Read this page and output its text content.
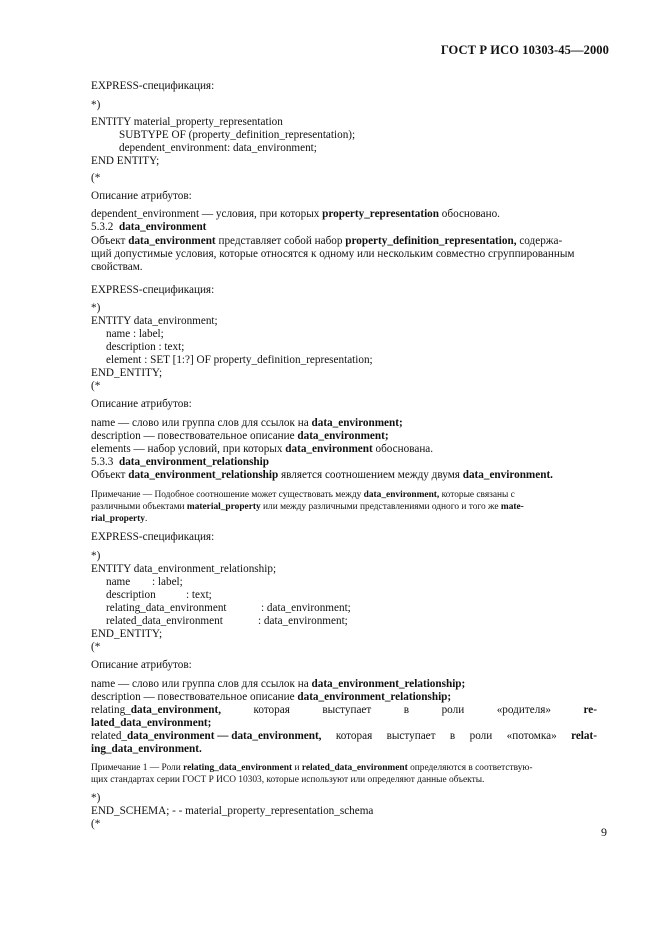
ГОСТ Р ИСО 10303-45—2000
EXPRESS-спецификация:
*)
ENTITY material_property_representation
SUBTYPE OF (property_definition_representation);
dependent_environment: data_environment;
END ENTITY;
(*
Описание атрибутов:
dependent_environment — условия, при которых property_representation обосновано.
5.3.2 data_environment
Объект data_environment представляет собой набор property_definition_representation, содержа-
щий допустимые условия, которые относятся к одному или нескольким совместно сгруппированным
свойствам.
EXPRESS-спецификация:
*)
ENTITY data_environment;
name : label;
description : text;
element : SET [1:?] OF property_definition_representation;
END_ENTITY;
(*
Описание атрибутов:
name — слово или группа слов для ссылок на data_environment;
description — повествовательное описание data_environment;
elements — набор условий, при которых data_environment обоснована.
5.3.3 data_environment_relationship
Объект data_environment_relationship является соотношением между двумя data_environment.
Примечание — Подобное соотношение может существовать между data_environment, которые связаны с
различными объектами material_property или между различными представлениями одного и того же mate-
rial_property.
EXPRESS-спецификация:
*)
ENTITY data_environment_relationship;
name : label;
description	: text;
relating_data_environment	: data_environment;
related_data_environment	: data_environment;
END_ENTITY;
(*
Описание атрибутов:
name — слово или группа слов для ссылок на data_environment_relationship;
description — повествовательное описание data_environment_relationship;
relating_data_environment,	которая	выступает	в	роли	«родителя»	re-
lated_data_environment;
related_data_environment — data_environment, которая выступает в роли «потомка» relat-
ing_data_environment.
Примечание 1 — Роли relating_data_environment и related_data_environment определяются в соответствую-
щих стандартах серии ГОСТ Р ИСО 10303, которые используют или определяют данные объекты.
*)
END_SCHEMA; - - material_property_representation_schema
(*
9
